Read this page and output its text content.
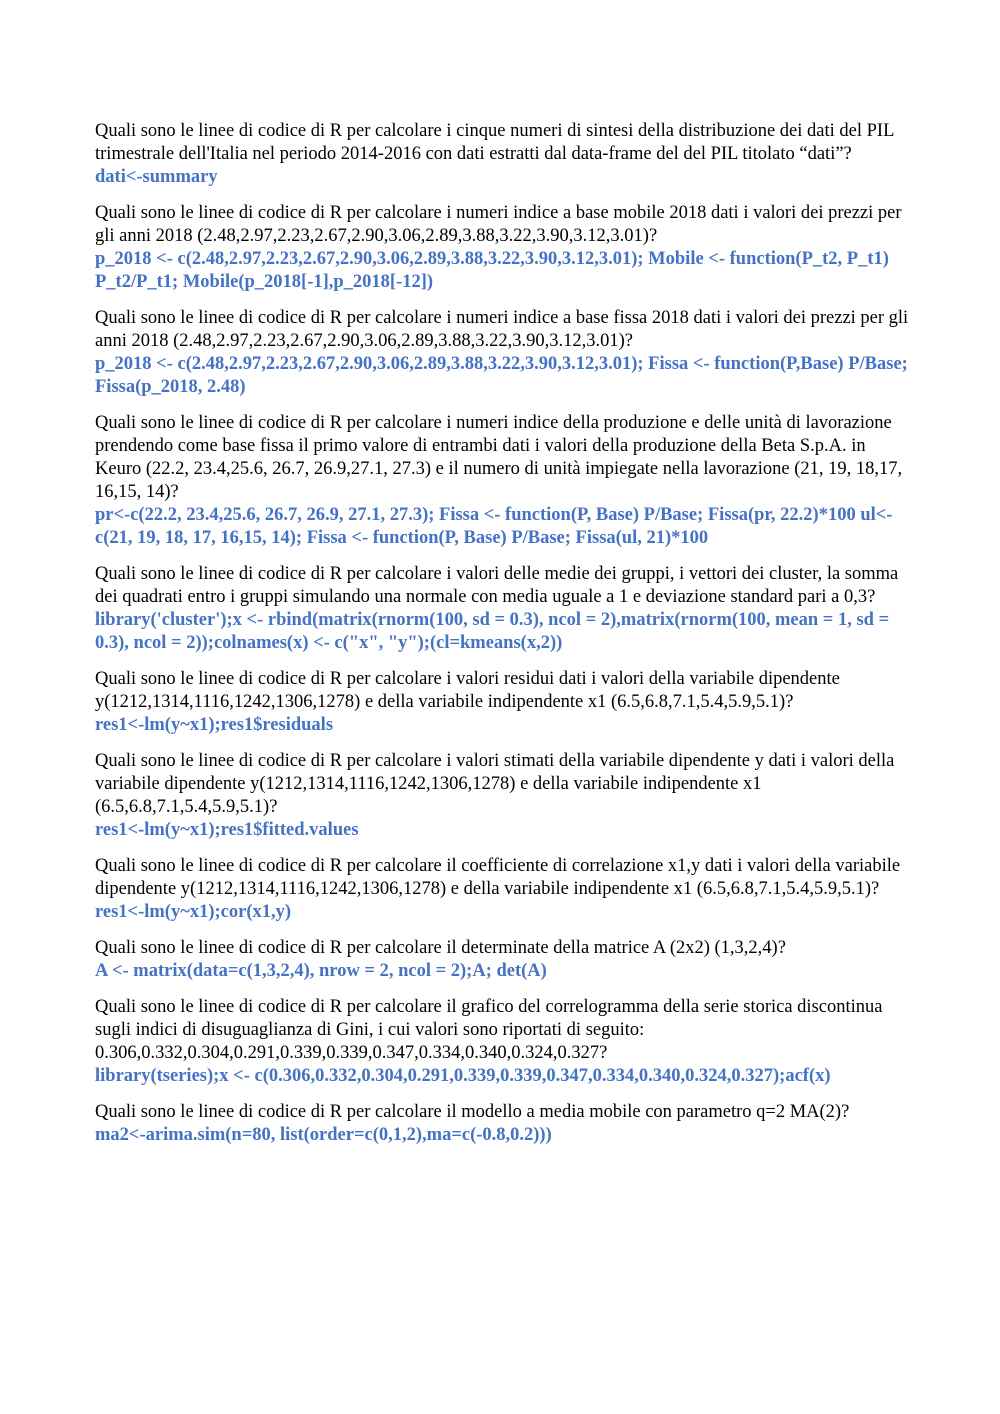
Quali sono le linee di codice di R per calcolare i cinque numeri di sintesi della distribuzione dei dati del PIL trimestrale dell'Italia nel periodo 2014-2016 con dati estratti dal data-frame del del PIL titolato “dati”?

dati<-summary

Quali sono le linee di codice di R per calcolare i numeri indice a base mobile 2018 dati i valori dei prezzi per gli anni 2018 (2.48,2.97,2.23,2.67,2.90,3.06,2.89,3.88,3.22,3.90,3.12,3.01)?

p_2018 <- c(2.48,2.97,2.23,2.67,2.90,3.06,2.89,3.88,3.22,3.90,3.12,3.01); Mobile <- function(P_t2, P_t1) P_t2/P_t1; Mobile(p_2018[-1],p_2018[-12])

Quali sono le linee di codice di R per calcolare i numeri indice a base fissa 2018 dati i valori dei prezzi per gli anni 2018 (2.48,2.97,2.23,2.67,2.90,3.06,2.89,3.88,3.22,3.90,3.12,3.01)?

p_2018 <- c(2.48,2.97,2.23,2.67,2.90,3.06,2.89,3.88,3.22,3.90,3.12,3.01); Fissa <- function(P,Base) P/Base; Fissa(p_2018, 2.48)

Quali sono le linee di codice di R per calcolare i numeri indice della produzione e delle unità di lavorazione prendendo come base fissa il primo valore di entrambi dati i valori della produzione della Beta S.p.A. in Keuro (22.2, 23.4,25.6, 26.7, 26.9,27.1, 27.3) e il numero di unità impiegate nella lavorazione (21, 19, 18,17, 16,15, 14)?

pr<-c(22.2, 23.4,25.6, 26.7, 26.9, 27.1, 27.3); Fissa <- function(P, Base) P/Base; Fissa(pr, 22.2)*100 ul<-c(21, 19, 18, 17, 16,15, 14); Fissa <- function(P, Base) P/Base; Fissa(ul, 21)*100

Quali sono le linee di codice di R per calcolare i valori delle medie dei gruppi, i vettori dei cluster, la somma dei quadrati entro i gruppi simulando una normale con media uguale a 1 e deviazione standard pari a 0,3?

library('cluster');x <- rbind(matrix(rnorm(100, sd = 0.3), ncol = 2),matrix(rnorm(100, mean = 1, sd = 0.3), ncol = 2));colnames(x) <- c("x", "y");(cl=kmeans(x,2))

Quali sono le linee di codice di R per calcolare i valori residui dati i valori della variabile dipendente y(1212,1314,1116,1242,1306,1278) e della variabile indipendente x1 (6.5,6.8,7.1,5.4,5.9,5.1)?

res1<-lm(y~x1);res1$residuals

Quali sono le linee di codice di R per calcolare i valori stimati della variabile dipendente y dati i valori della variabile dipendente y(1212,1314,1116,1242,1306,1278) e della variabile indipendente x1 (6.5,6.8,7.1,5.4,5.9,5.1)?

res1<-lm(y~x1);res1$fitted.values

Quali sono le linee di codice di R per calcolare il coefficiente di correlazione x1,y dati i valori della variabile dipendente y(1212,1314,1116,1242,1306,1278) e della variabile indipendente x1 (6.5,6.8,7.1,5.4,5.9,5.1)?

res1<-lm(y~x1);cor(x1,y)

Quali sono le linee di codice di R per calcolare il determinate della matrice A (2x2) (1,3,2,4)?

A <- matrix(data=c(1,3,2,4), nrow = 2, ncol = 2);A; det(A)

Quali sono le linee di codice di R per calcolare il grafico del correlogramma della serie storica discontinua sugli indici di disuguaglianza di Gini, i cui valori sono riportati di seguito: 0.306,0.332,0.304,0.291,0.339,0.339,0.347,0.334,0.340,0.324,0.327?

library(tseries);x <- c(0.306,0.332,0.304,0.291,0.339,0.339,0.347,0.334,0.340,0.324,0.327);acf(x)

Quali sono le linee di codice di R per calcolare il modello a media mobile con parametro q=2 MA(2)?

ma2<-arima.sim(n=80, list(order=c(0,1,2),ma=c(-0.8,0.2)))
